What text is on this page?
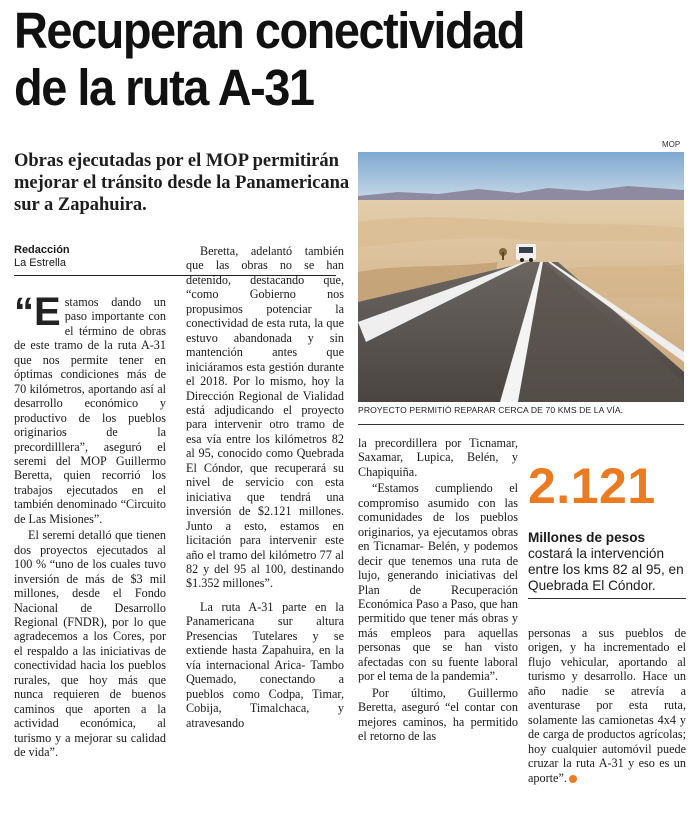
Recuperan conectividad
de la ruta A-31
Obras ejecutadas por el MOP permitirán mejorar el tránsito desde la Panamericana sur a Zapahuira.
Redacción
La Estrella

“Estamos dando un paso importante con el término de obras de este tramo de la ruta A-31 que nos permite tener en óptimas condiciones más de 70 kilómetros, aportando así al desarrollo económico y productivo de los pueblos originarios de la precordilllera”, aseguró el seremi del MOP Guillermo Beretta, quien recorrió los trabajos ejecutados en el también denominado “Circuito de Las Misiones”.

El seremi detalló que tienen dos proyectos ejecutados al 100 % “uno de los cuales tuvo inversión de más de $3 mil millones, desde el Fondo Nacional de Desarrollo Regional (FNDR), por lo que agradecemos a los Cores, por el respaldo a las iniciativas de conectividad hacia los pueblos rurales, que hoy más que nunca requieren de buenos caminos que aporten a la actividad económica, al turismo y a mejorar su calidad de vida”.

Beretta, adelantó también que las obras no se han detenido, destacando que, “como Gobierno nos propusimos potenciar la conectividad de esta ruta, la que estuvo abandonada y sin mantención antes que iniciáramos esta gestión durante el 2018. Por lo mismo, hoy la Dirección Regional de Vialidad está adjudicando el proyecto para intervenir otro tramo de esa vía entre los kilómetros 82 al 95, conocido como Quebrada El Cóndor, que recuperará su nivel de servicio con esta iniciativa que tendrá una inversión de $2.121 millones. Junto a esto, estamos en licitación para intervenir este año el tramo del kilómetro 77 al 82 y del 95 al 100, destinando $1.352 millones”.

La ruta A-31 parte en la Panamericana sur altura Presencias Tutelares y se extiende hasta Zapahuira, en la vía internacional Arica- Tambo Quemado, conectando a pueblos como Codpa, Timar, Cobija, Timalchaca, y atravesando

MOP
PROYECTO PERMITIÓ REPARAR CERCA DE 70 KMS DE LA VÍA.

la precordillera por Ticnamar, Saxamar, Lupica, Belén, y Chapiquiña.

“Estamos cumpliendo el compromiso asumido con las comunidades de los pueblos originarios, ya ejecutamos obras en Ticnamar- Belén, y podemos decir que tenemos una ruta de lujo, generando iniciativas del Plan de Recuperación Económica Paso a Paso, que han permitido que tener más obras y más empleos para aquellas personas que se han visto afectadas con su fuente laboral por el tema de la pandemia”.

Por último, Guillermo Beretta, aseguró “el contar con mejores caminos, ha permitido el retorno de las

2.121
Millones de pesos costará la intervención entre los kms 82 al 95, en Quebrada El Cóndor.

personas a sus pueblos de origen, y ha incrementado el flujo vehicular, aportando al turismo y desarrollo. Hace un año nadie se atrevía a aventurase por esta ruta, solamente las camionetas 4x4 y de carga de productos agrícolas; hoy cualquier automóvil puede cruzar la ruta A-31 y eso es un aporte”.
